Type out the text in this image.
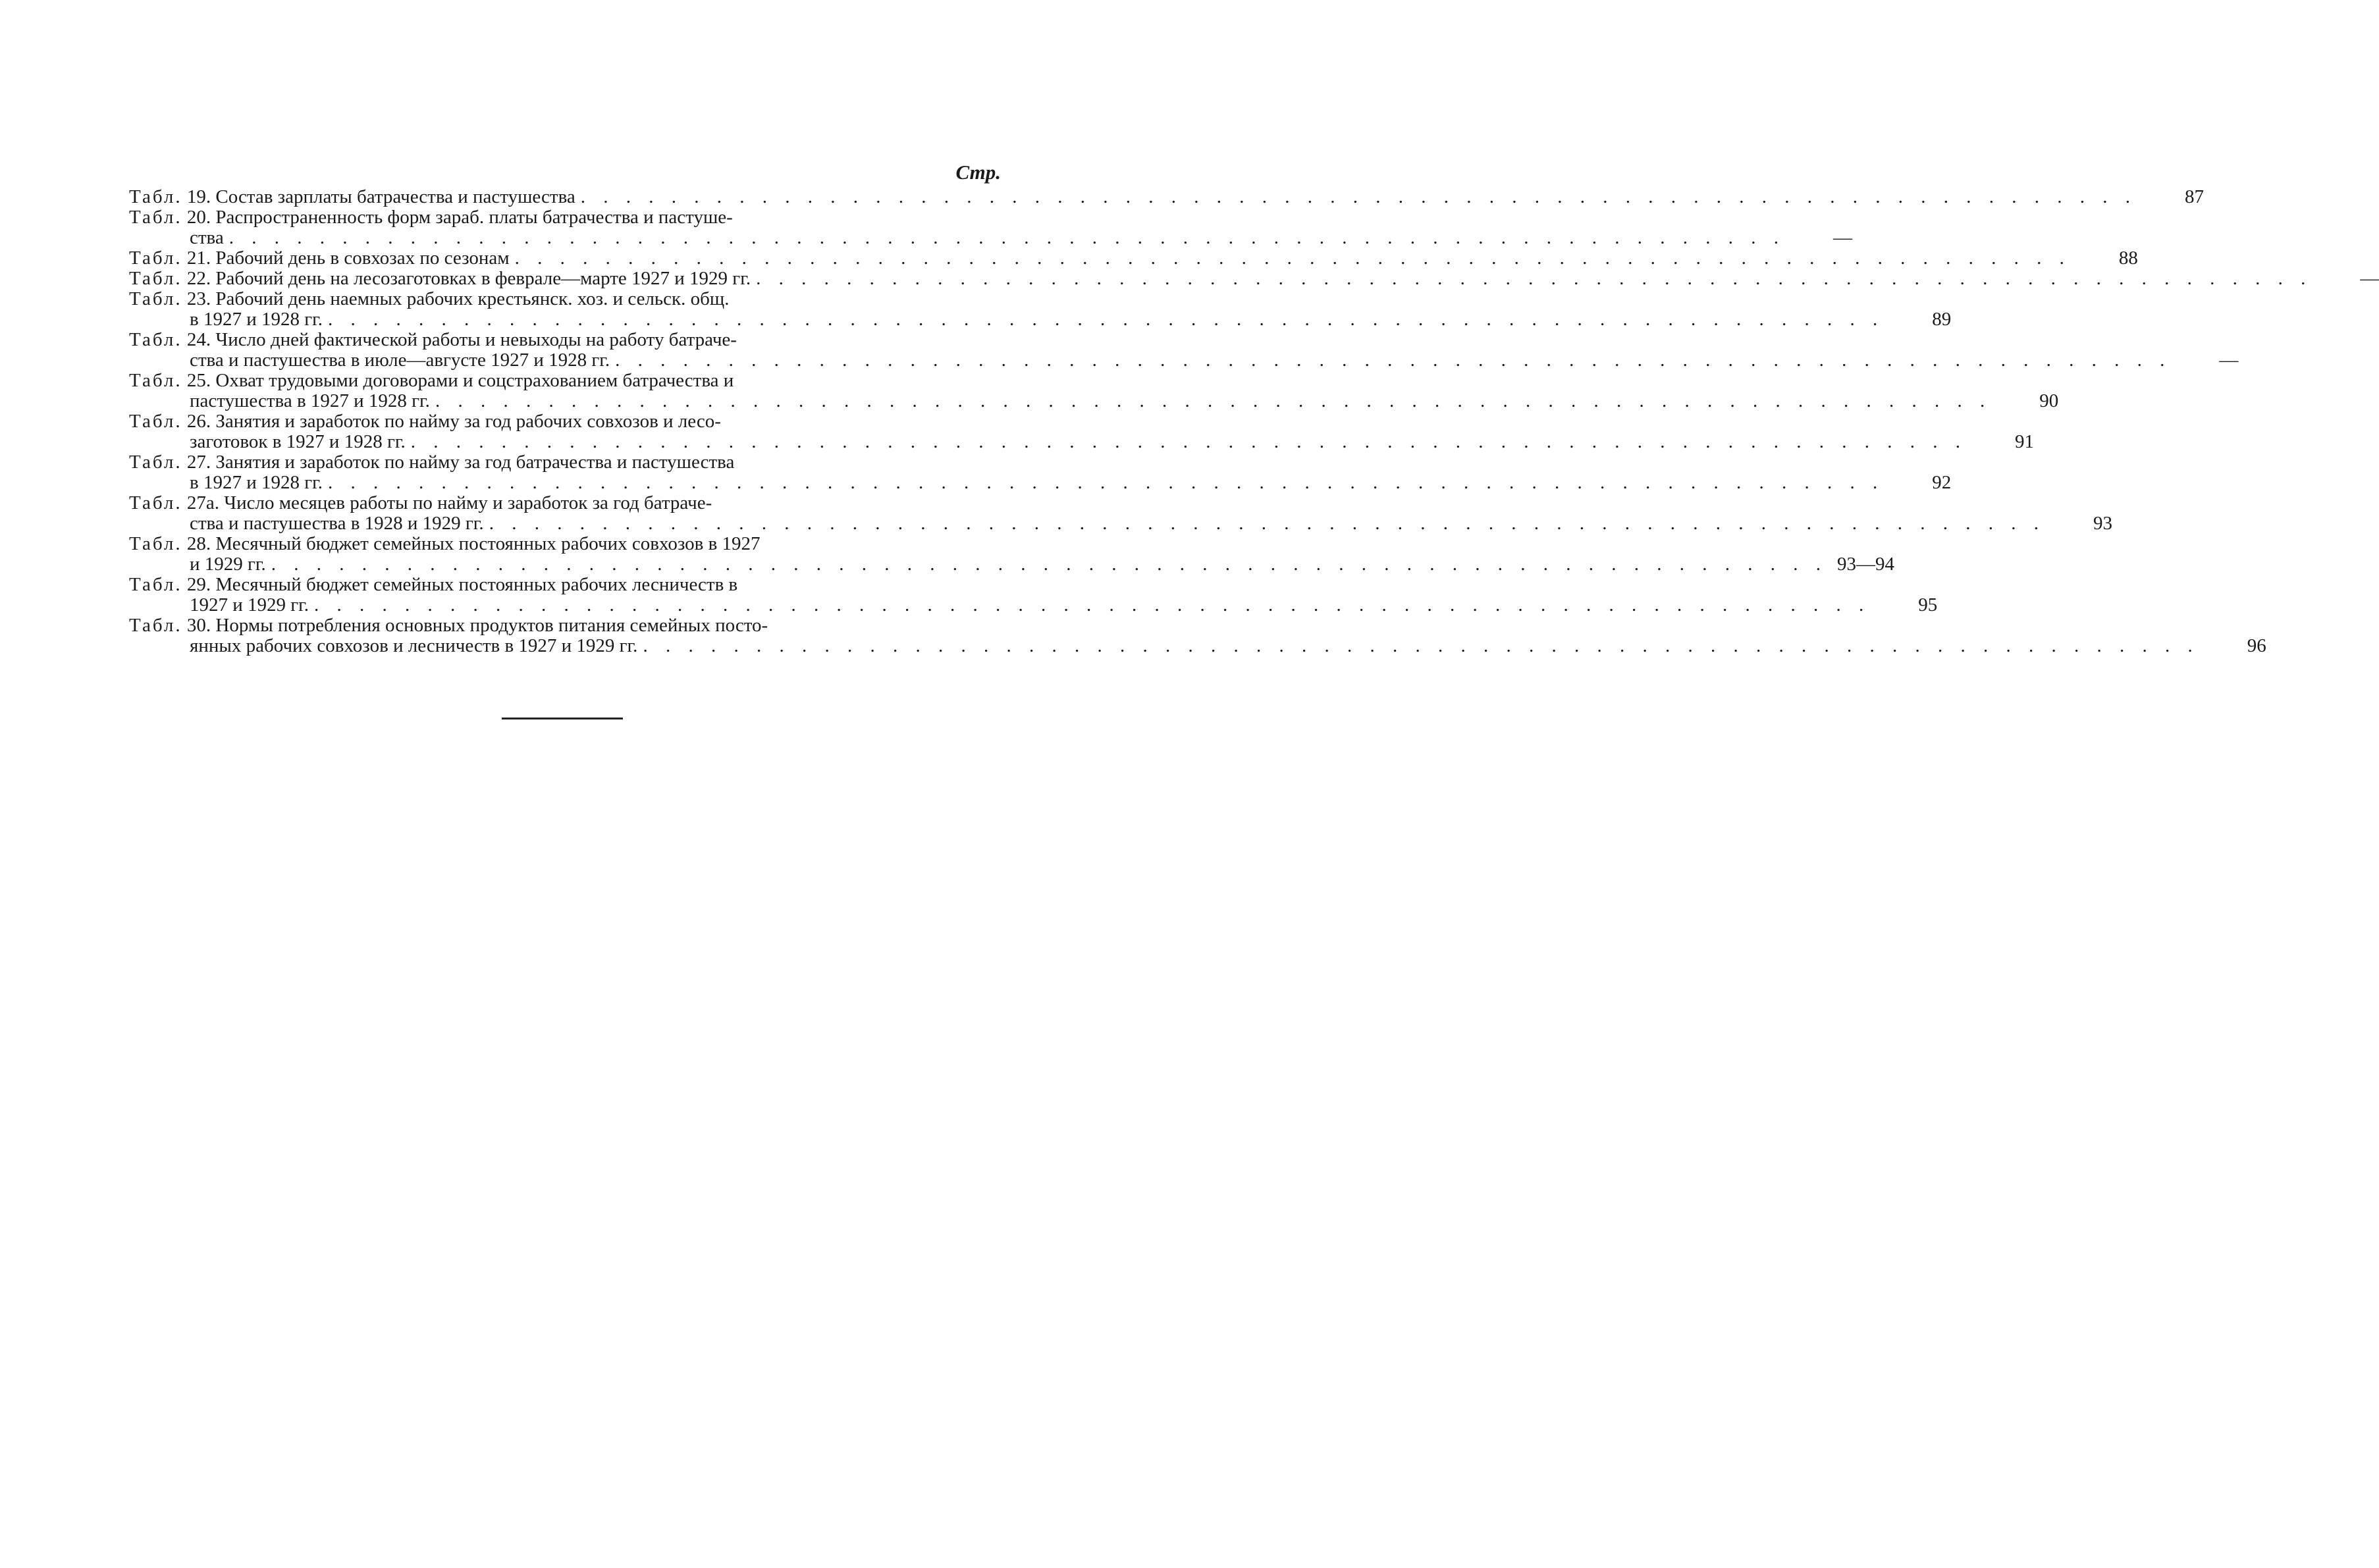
Стр.
Табл. 19. Состав зарплаты батрачества и пастушества . . . . . . . . . . . . . . . . . . . . . . . . . . . . . . . . . . . . . . . . . . . . . . . . . . . . . . . . . . . . . . . . . . . . .	87
Табл. 20. Распространенность форм зараб. платы батрачества и пастуше-
ства . . . . . . . . . . . . . . . . . . . . . . . . . . . . . . . . . . . . . . . . . . . . . . . . . . . . . . . . . . . . . . . . . . . . .	—
Табл. 21. Рабочий день в совхозах по сезонам . . . . . . . . . . . . . . . . . . . . . . . . . . . . . . . . . . . . . . . . . . . . . . . . . . . . . . . . . . . . . . . . . . . . .	88
Табл. 22. Рабочий день на лесозаготовках в феврале—марте 1927 и 1929 гг. . . . . . . . . . . . . . . . . . . . . . . . . . . . . . . . . . . . . . . . . . . . . . . . . . . . . . . . . . . . . . . . . . . . . .	—
Табл. 23. Рабочий день наемных рабочих крестьянск. хоз. и сельск. общ.
в 1927 и 1928 гг. . . . . . . . . . . . . . . . . . . . . . . . . . . . . . . . . . . . . . . . . . . . . . . . . . . . . . . . . . . . . . . . . . . . . .	89
Табл. 24. Число дней фактической работы и невыходы на работу батраче-
ства и пастушества в июле—августе 1927 и 1928 гг. . . . . . . . . . . . . . . . . . . . . . . . . . . . . . . . . . . . . . . . . . . . . . . . . . . . . . . . . . . . . . . . . . . . . .	—
Табл. 25. Охват трудовыми договорами и соцстрахованием батрачества и
пастушества в 1927 и 1928 гг. . . . . . . . . . . . . . . . . . . . . . . . . . . . . . . . . . . . . . . . . . . . . . . . . . . . . . . . . . . . . . . . . . . . . .	90
Табл. 26. Занятия и заработок по найму за год рабочих совхозов и лесо-
заготовок в 1927 и 1928 гг. . . . . . . . . . . . . . . . . . . . . . . . . . . . . . . . . . . . . . . . . . . . . . . . . . . . . . . . . . . . . . . . . . . . . .	91
Табл. 27. Занятия и заработок по найму за год батрачества и пастушества
в 1927 и 1928 гг. . . . . . . . . . . . . . . . . . . . . . . . . . . . . . . . . . . . . . . . . . . . . . . . . . . . . . . . . . . . . . . . . . . . . .	92
Табл. 27а. Число месяцев работы по найму и заработок за год батраче-
ства и пастушества в 1928 и 1929 гг. . . . . . . . . . . . . . . . . . . . . . . . . . . . . . . . . . . . . . . . . . . . . . . . . . . . . . . . . . . . . . . . . . . . . .	93
Табл. 28. Месячный бюджет семейных постоянных рабочих совхозов в 1927
и 1929 гг. . . . . . . . . . . . . . . . . . . . . . . . . . . . . . . . . . . . . . . . . . . . . . . . . . . . . . . . . . . . . . . . . . . . . . 93—94
Табл. 29. Месячный бюджет семейных постоянных рабочих лесничеств в
1927 и 1929 гг. . . . . . . . . . . . . . . . . . . . . . . . . . . . . . . . . . . . . . . . . . . . . . . . . . . . . . . . . . . . . . . . . . . . . .	95
Табл. 30. Нормы потребления основных продуктов питания семейных посто-
янных рабочих совхозов и лесничеств в 1927 и 1929 гг. . . . . . . . . . . . . . . . . . . . . . . . . . . . . . . . . . . . . . . . . . . . . . . . . . . . . . . . . . . . . . . . . . . . . .	96
